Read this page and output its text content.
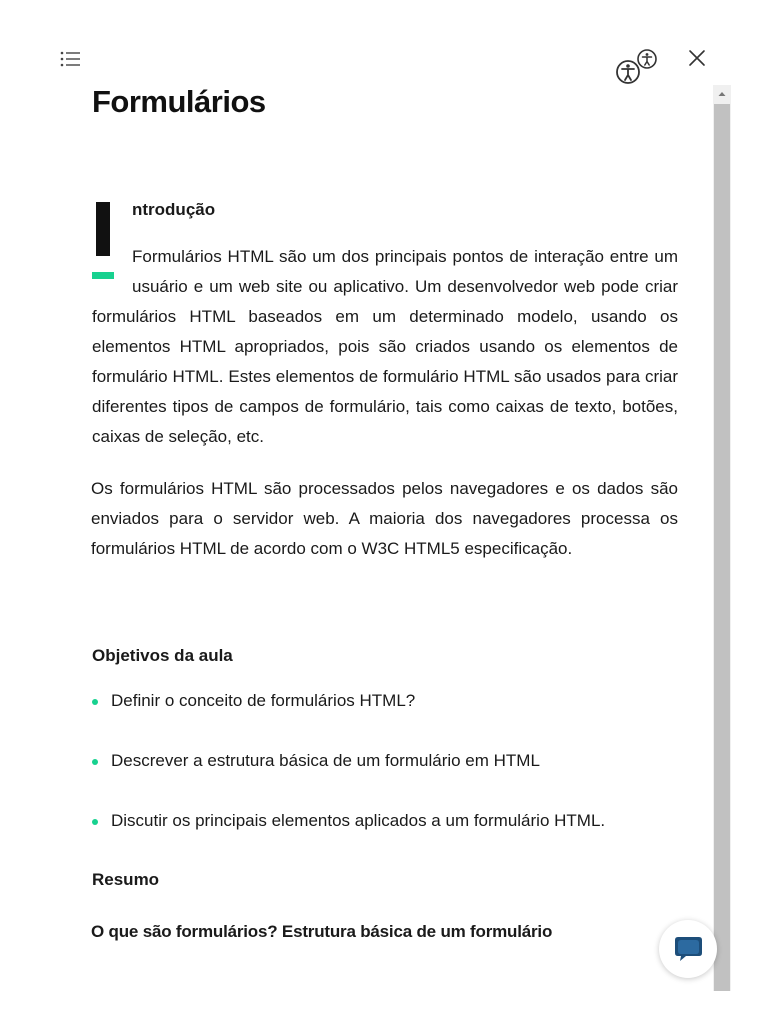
Formulários
ntrodução

Formulários HTML são um dos principais pontos de interação entre um usuário e um web site ou aplicativo. Um desenvolvedor web pode criar formulários HTML baseados em um determinado modelo, usando os elementos HTML apropriados, pois são criados usando os elementos de formulário HTML. Estes elementos de formulário HTML são usados para criar diferentes tipos de campos de formulário, tais como caixas de texto, botões, caixas de seleção, etc.

Os formulários HTML são processados pelos navegadores e os dados são enviados para o servidor web. A maioria dos navegadores processa os formulários HTML de acordo com o W3C HTML5 especificação.

Objetivos da aula
Definir o conceito de formulários HTML?
Descrever a estrutura básica de um formulário em HTML
Discutir os principais elementos aplicados a um formulário HTML.
Resumo
O que são formulários? Estrutura básica de um formulário
